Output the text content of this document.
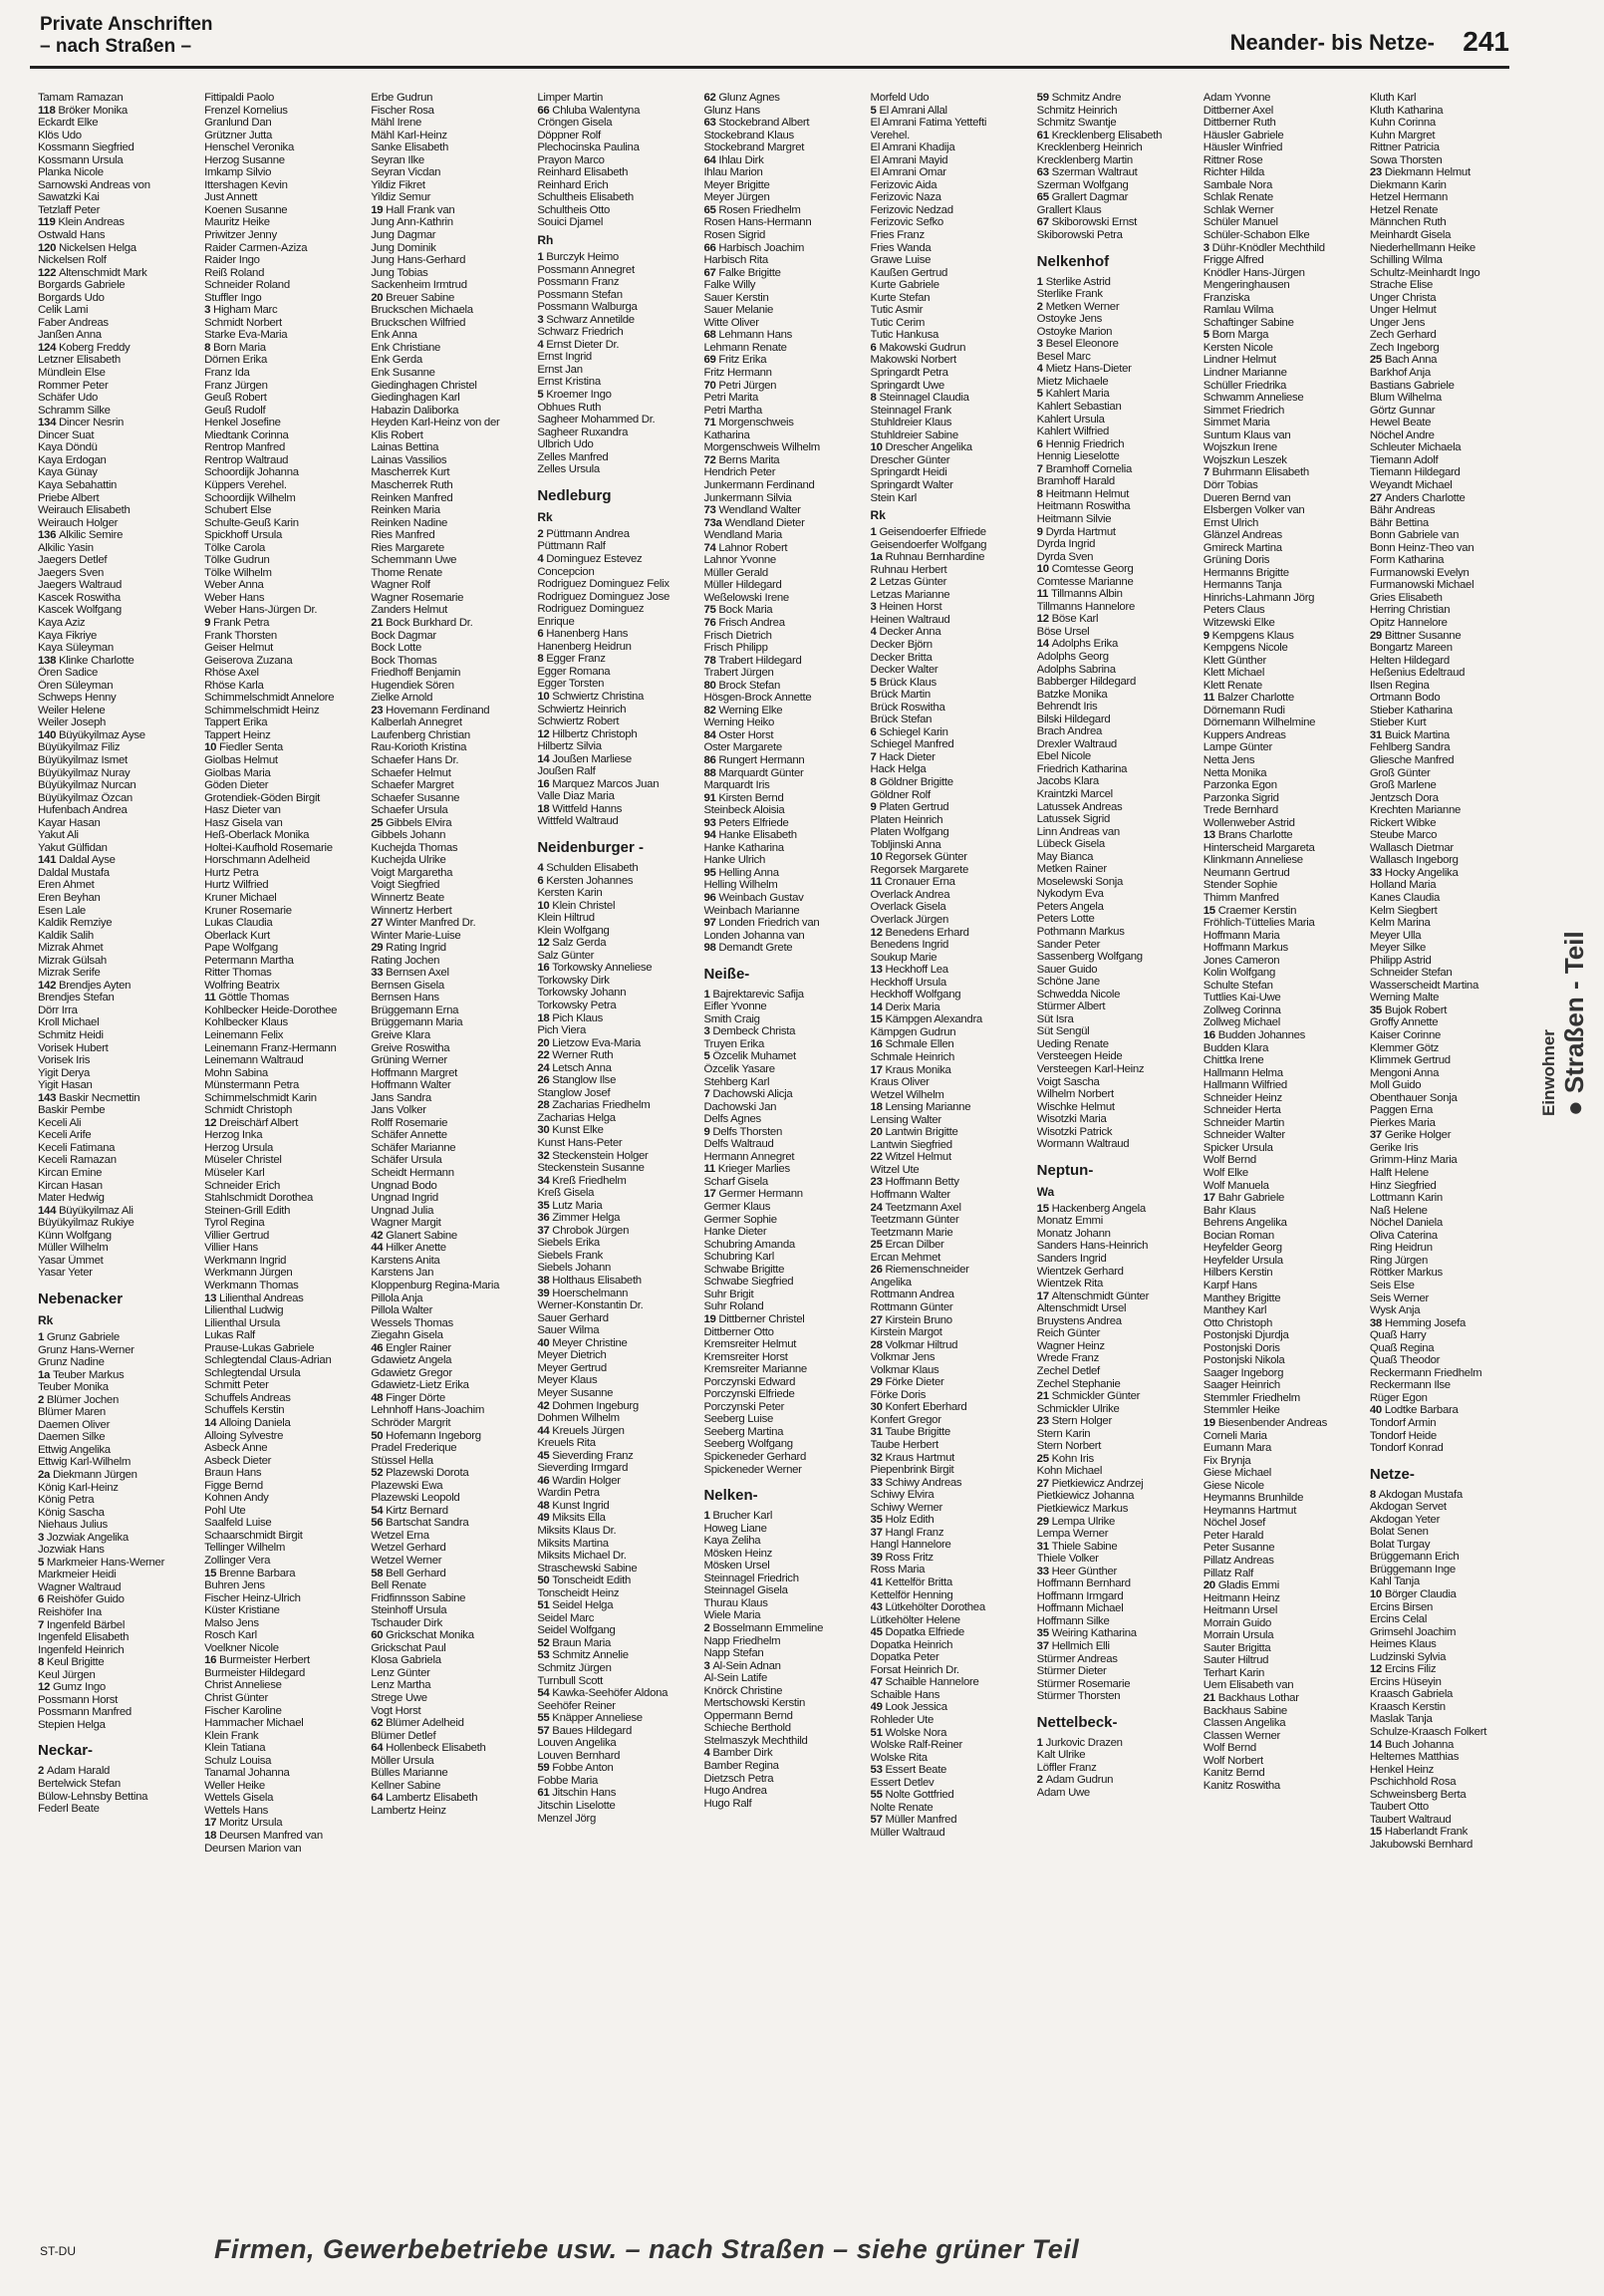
Private Anschriften
– nach Straßen –	Neander- bis Netze- 241
Tamam Ramazan
118 Bröker Monika
Eckardt Elke
Klös Udo
Kossmann Siegfried
Kossmann Ursula
Planka Nicole
Sarnowski Andreas von
Sawatzki Kai
Tetzlaff Peter
119 Klein Andreas
Ostwald Hans
120 Nickelsen Helga
Nickelsen Rolf
122 Altenschmidt Mark
Borgards Gabriele
Borgards Udo
Celik Lami
Faber Andreas
Janßen Anna
124 Koberg Freddy
Letzner Elisabeth
Mündlein Else
Rommer Peter
Schäfer Udo
Schramm Silke
134 Dincer Nesrin
Dincer Suat
Kaya Döndü
Kaya Erdogan
Kaya Günay
Kaya Sebahattin
Priebe Albert
Weirauch Elisabeth
Weirauch Holger
136 Alkilic Semire
Alkilic Yasin
Jaegers Detlef
Jaegers Sven
Jaegers Waltraud
Kascek Roswitha
Kascek Wolfgang
Kaya Aziz
Kaya Fikriye
Kaya Süleyman
138 Klinke Charlotte
Ören Sadice
Ören Süleyman
Schweps Henny
Weiler Helene
Weiler Joseph
140 Büyükyilmaz Ayse
Büyükyilmaz Filiz
Büyükyilmaz Ismet
Büyükyilmaz Nuray
Büyükyilmaz Nurcan
Büyükyilmaz Özcan
Hufenbach Andrea
Kayar Hasan
Yakut Ali
Yakut Gülfidan
141 Daldal Ayse
Daldal Mustafa
Eren Ahmet
Eren Beyhan
Esen Lale
Kaldik Remziye
Kaldik Salih
Mizrak Ahmet
Mizrak Gülsah
Mizrak Serife
142 Brendjes Ayten
Brendjes Stefan
Dörr Irra
Kroll Michael
Schmitz Heidi
Vorisek Hubert
Vorisek Iris
Yigit Derya
Yigit Hasan
143 Baskir Necmettin
Baskir Pembe
Keceli Ali
Keceli Arife
Keceli Fatimana
Keceli Ramazan
Kircan Emine
Kircan Hasan
Mater Hedwig
144 Büyükyilmaz Ali
Büyükyilmaz Rukiye
Künn Wolfgang
Müller Wilhelm
Yasar Ümmet
Yasar Yeter
Nebenacker
Rk
1 Grunz Gabriele
Grunz Hans-Werner
Grunz Nadine
1a Teuber Markus
Teuber Monika
2 Blümer Jochen
Blümer Maren
Daemen Oliver
Daemen Silke
Ettwig Angelika
Ettwig Karl-Wilhelm
2a Diekmann Jürgen
König Karl-Heinz
König Petra
König Sascha
Niehaus Julius
3 Jozwiak Angelika
Jozwiak Hans
5 Markmeier Hans-Werner
Markmeier Heidi
Wagner Waltraud
6 Reishöfer Guido
Reishöfer Ina
7 Ingenfeld Bärbel
Ingenfeld Elisabeth
Ingenfeld Heinrich
8 Keul Brigitte
Keul Jürgen
12 Gumz Ingo
Possmann Horst
Possmann Manfred
Stepien Helga
Neckar-
2 Adam Harald
Bertelwick Stefan
Bülow-Lehnsby Bettina
Federl Beate
Fittipaldi Paolo
Frenzel Kornelius
Granlund Dan
Grützner Jutta
Henschel Veronika
Herzog Susanne
Imkamp Silvio
Ittershagen Kevin
Just Annett
Koenen Susanne
Mauritz Heike
Priwitzer Jenny
Raider Carmen-Aziza
Raider Ingo
Reiß Roland
Schneider Roland
Stuffler Ingo
3 Higham Marc
Schmidt Norbert
Starke Eva-Maria
8 Born Maria
Dörnen Erika
Franz Ida
Franz Jürgen
Geuß Robert
Geuß Rudolf
Henkel Josefine
Miedtank Corinna
Rentrop Manfred
Rentrop Waltraud
Schoordijk Johanna
Küppers Verehel.
Schoordijk Wilhelm
Schubert Else
Schulte-Geuß Karin
Spickhoff Ursula
Tölke Carola
Tölke Gudrun
Tölke Wilhelm
Weber Anna
Weber Hans
Weber Hans-Jürgen Dr.
9 Frank Petra
Frank Thorsten
Geiser Helmut
Geiserova Zuzana
Rhöse Axel
Rhöse Karla
Schimmelschmidt Annelore
Schimmelschmidt Heinz
Tappert Erika
Tappert Heinz
10 Fiedler Senta
Giolbas Helmut
Giolbas Maria
Göden Dieter
Grotendiek-Göden Birgit
Hasz Dieter van
Hasz Gisela van
Heß-Oberlack Monika
Holtei-Kaufhold Rosemarie
Horschmann Adelheid
Hurtz Petra
Hurtz Wilfried
Kruner Michael
Kruner Rosemarie
Lukas Claudia
Oberlack Kurt
Pape Wolfgang
Petermann Martha
Ritter Thomas
Wolfring Beatrix
11 Göttle Thomas
Kohlbecker Heide-Dorothee
Kohlbecker Klaus
Leinemann Felix
Leinemann Franz-Hermann
Leinemann Waltraud
Mohn Sabina
Münstermann Petra
Schimmelschmidt Karin
Schmidt Christoph
12 Dreischärf Albert
Herzog Inka
Herzog Ursula
Müseler Christel
Müseler Karl
Schneider Erich
Stahlschmidt Dorothea
Steinen-Grill Edith
Tyrol Regina
Villier Gertrud
Villier Hans
Werkmann Ingrid
Werkmann Jürgen
Werkmann Thomas
13 Lilienthal Andreas
Lilienthal Ludwig
Lilienthal Ursula
Lukas Ralf
Prause-Lukas Gabriele
Schlegtendal Claus-Adrian
Schlegtendal Ursula
Schmitt Peter
Schuffels Andreas
Schuffels Kerstin
14 Alloing Daniela
Alloing Sylvestre
Asbeck Anne
Asbeck Dieter
Braun Hans
Figge Bernd
Kohnen Andy
Pohl Ute
Saalfeld Luise
Schaarschmidt Birgit
Tellinger Wilhelm
Zollinger Vera
15 Brenne Barbara
Buhren Jens
Fischer Heinz-Ulrich
Küster Kristiane
Malso Jens
Rosch Karl
Voelkner Nicole
16 Burmeister Herbert
Burmeister Hildegard
Christ Anneliese
Christ Günter
Fischer Karoline
Hammacher Michael
Klein Frank
Klein Tatiana
Schulz Louisa
Tanamal Johanna
Weller Heike
Wettels Gisela
Wettels Hans
17 Moritz Ursula
18 Deursen Manfred van
Deursen Marion van
Erbe Gudrun
Fischer Rosa
Mähl Irene
Mähl Karl-Heinz
Sanke Elisabeth
Seyran Ilke
Seyran Vicdan
Yildiz Fikret
Yildiz Semur
19 Hall Frank van
Jung Ann-Kathrin
Jung Dagmar
Jung Dominik
Jung Hans-Gerhard
Jung Tobias
Sackenheim Irmtrud
20 Breuer Sabine
Bruckschen Michaela
Bruckschen Wilfried
Enk Anna
Enk Christiane
Enk Gerda
Enk Susanne
Giedinghagen Christel
Giedinghagen Karl
Habazin Daliborka
Heyden Karl-Heinz von der
Klis Robert
Lainas Bettina
Lainas Vassilios
Mascherrek Kurt
Mascherrek Ruth
Reinken Manfred
Reinken Maria
Reinken Nadine
Ries Manfred
Ries Margarete
Schemmann Uwe
Thome Renate
Wagner Rolf
Wagner Rosemarie
Zanders Helmut
21 Bock Burkhard Dr.
Bock Dagmar
Bock Lotte
Bock Thomas
Friedhoff Benjamin
Hugendiek Sören
Zielke Arnold
23 Hovemann Ferdinand
Kalberlah Annegret
Laufenberg Christian
Rau-Korioth Kristina
Schaefer Hans Dr.
Schaefer Helmut
Schaefer Margret
Schaefer Susanne
Schaefer Ursula
25 Gibbels Elvira
Gibbels Johann
Kuchejda Thomas
Kuchejda Ulrike
Voigt Margaretha
Voigt Siegfried
Winnertz Beate
Winnertz Herbert
27 Winter Manfred Dr.
Winter Marie-Luise
29 Rating Ingrid
Rating Jochen
33 Bernsen Axel
Bernsen Gisela
Bernsen Hans
Brüggemann Erna
Brüggemann Maria
Greive Klara
Greive Roswitha
Grüning Werner
Hoffmann Margret
Hoffmann Walter
Jans Sandra
Jans Volker
Rolff Rosemarie
Schäfer Annette
Schäfer Marianne
Schäfer Ursula
Scheidt Hermann
Ungnad Bodo
Ungnad Ingrid
Ungnad Julia
Wagner Margit
42 Glanert Sabine
44 Hilker Anette
Karstens Anita
Karstens Jan
Kloppenburg Regina-Maria
Pillola Anja
Pillola Walter
Wessels Thomas
Ziegahn Gisela
46 Engler Rainer
Gdawietz Angela
Gdawietz Gregor
Gdawietz-Lietz Erika
48 Finger Dörte
Lehnhoff Hans-Joachim
Schröder Margrit
50 Hofemann Ingeborg
Pradel Frederique
Stüssel Hella
52 Plazewski Dorota
Plazewski Ewa
Plazewski Leopold
54 Kirtz Bernard
56 Bartschat Sandra
Wetzel Erna
Wetzel Gerhard
Wetzel Werner
58 Bell Gerhard
Bell Renate
Fridfinnsson Sabine
Steinhoff Ursula
Tschauder Dirk
60 Grickschat Monika
Grickschat Paul
Klosa Gabriela
Lenz Günter
Lenz Martha
Strege Uwe
Vogt Horst
62 Blümer Adelheid
Blümer Detlef
64 Hollenbeck Elisabeth
Möller Ursula
Bülles Marianne
Kellner Sabine
64 Lambertz Elisabeth
Lambertz Heinz
Limper Martin
66 Chluba Walentyna
Cröngen Gisela
Döppner Rolf
Plechocinska Paulina
Prayon Marco
Reinhard Elisabeth
Reinhard Erich
Schultheis Elisabeth
Schultheis Otto
Souici Djamel
Rh
1 Burczyk Heimo
Possmann Annegret
Possmann Franz
Possmann Stefan
Possmann Walburga
3 Schwarz Annetilde
Schwarz Friedrich
4 Ernst Dieter Dr.
Ernst Ingrid
Ernst Jan
Ernst Kristina
5 Kroemer Ingo
Obhues Ruth
Sagheer Mohammed Dr.
Sagheer Ruxandra
Ulbrich Udo
Zelles Manfred
Zelles Ursula
Nedleburg
Rk
2 Püttmann Andrea
Püttmann Ralf
4 Dominguez Estevez
Concepcion
Rodriguez Dominguez Felix
Rodriguez Dominguez Jose
Rodriguez Dominguez
Enrique
6 Hanenberg Hans
Hanenberg Heidrun
8 Egger Franz
Egger Romana
Egger Torsten
10 Schwiertz Christina
Schwiertz Heinrich
Schwiertz Robert
12 Hilbertz Christoph
Hilbertz Silvia
14 Joußen Marliese
Joußen Ralf
16 Marquez Marcos Juan
Valle Diaz Maria
18 Wittfeld Hanns
Wittfeld Waltraud
Neidenburger -
4 Schulden Elisabeth
6 Kersten Johannes
Kersten Karin
10 Klein Christel
Klein Hiltrud
Klein Wolfgang
12 Salz Gerda
Salz Günter
16 Torkowsky Anneliese
Torkowsky Dirk
Torkowsky Johann
Torkowsky Petra
18 Pich Klaus
Pich Viera
20 Lietzow Eva-Maria
22 Werner Ruth
24 Letsch Anna
26 Stanglow Ilse
Stanglow Josef
28 Zacharias Friedhelm
Zacharias Helga
30 Kunst Elke
Kunst Hans-Peter
32 Steckenstein Holger
Steckenstein Susanne
34 Kreß Friedhelm
Kreß Gisela
35 Lutz Maria
36 Zimmer Helga
37 Chrobok Jürgen
Siebels Erika
Siebels Frank
Siebels Johann
38 Holthaus Elisabeth
39 Hoerschelmann
Werner-Konstantin Dr.
Sauer Gerhard
Sauer Wilma
40 Meyer Christine
Meyer Dietrich
Meyer Gertrud
Meyer Klaus
Meyer Susanne
42 Dohmen Ingeburg
Dohmen Wilhelm
44 Kreuels Jürgen
Kreuels Rita
45 Sieverding Franz
Sieverding Irmgard
46 Wardin Holger
Wardin Petra
48 Kunst Ingrid
49 Miksits Ella
Miksits Klaus Dr.
Miksits Martina
Miksits Michael Dr.
Straschewski Sabine
50 Tonscheidt Edith
Tonscheidt Heinz
51 Seidel Helga
Seidel Marc
Seidel Wolfgang
52 Braun Maria
53 Schmitz Annelie
Schmitz Jürgen
Turnbull Scott
54 Kawka-Seehöfer Aldona
Seehöfer Reiner
55 Knäpper Anneliese
57 Baues Hildegard
Louven Angelika
Louven Bernhard
59 Fobbe Anton
Fobbe Maria
61 Jitschin Hans
Jitschin Liselotte
Menzel Jörg
62 Glunz Agnes
Glunz Hans
63 Stockebrand Albert
Stockebrand Klaus
Stockebrand Margret
64 Ihlau Dirk
Ihlau Marion
Meyer Brigitte
Meyer Jürgen
65 Rosen Friedhelm
Rosen Hans-Hermann
Rosen Sigrid
66 Harbisch Joachim
Harbisch Rita
67 Falke Brigitte
Falke Willy
Sauer Kerstin
Sauer Melanie
Witte Oliver
68 Lehmann Hans
Lehmann Renate
69 Fritz Erika
Fritz Hermann
70 Petri Jürgen
Petri Marita
Petri Martha
71 Morgenschweis
Katharina
Morgenschweis Wilhelm
72 Berns Marita
Hendrich Peter
Junkermann Ferdinand
Junkermann Silvia
73 Wendland Walter
73a Wendland Dieter
Wendland Maria
74 Lahnor Robert
Lahnor Yvonne
Müller Gerald
Müller Hildegard
Weßelowski Irene
75 Bock Maria
76 Frisch Andrea
Frisch Dietrich
Frisch Philipp
78 Trabert Hildegard
Trabert Jürgen
80 Brock Stefan
Hösgen-Brock Annette
82 Werning Elke
Werning Heiko
84 Oster Horst
Oster Margarete
86 Rungert Hermann
88 Marquardt Günter
Marquardt Iris
91 Kirsten Bernd
Steinbeck Aloisia
93 Peters Elfriede
94 Hanke Elisabeth
Hanke Katharina
Hanke Ulrich
95 Helling Anna
Helling Wilhelm
96 Weinbach Gustav
Weinbach Marianne
97 Londen Friedrich van
Londen Johanna van
98 Demandt Grete
Neiße-
1 Bajrektarevic Safija
Eifler Yvonne
Smith Craig
3 Dembeck Christa
Truyen Erika
5 Özcelik Muhamet
Özcelik Yasare
Stehberg Karl
7 Dachowski Alicja
Dachowski Jan
Delfs Agnes
9 Delfs Thorsten
Delfs Waltraud
Hermann Annegret
11 Krieger Marlies
Scharf Gisela
17 Germer Hermann
Germer Klaus
Germer Sophie
Hanke Dieter
Schubring Amanda
Schubring Karl
Schwabe Brigitte
Schwabe Siegfried
Suhr Brigit
Suhr Roland
19 Dittberner Christel
Dittberner Otto
Kremsreiter Helmut
Kremsreiter Horst
Kremsreiter Marianne
Porczynski Edward
Porczynski Elfriede
Porczynski Peter
Seeberg Luise
Seeberg Martina
Seeberg Wolfgang
Spickeneder Gerhard
Spickeneder Werner
Nelken-
1 Brucher Karl
Howeg Liane
Kaya Zeliha
Mösken Heinz
Mösken Ursel
Steinnagel Friedrich
Steinnagel Gisela
Thurau Klaus
Wiele Maria
2 Bosselmann Emmeline
Napp Friedhelm
Napp Stefan
3 Al-Sein Adnan
Al-Sein Latife
Knörck Christine
Mertschowski Kerstin
Oppermann Bernd
Schieche Berthold
Stelmaszyk Mechthild
4 Bamber Dirk
Bamber Regina
Dietzsch Petra
Hugo Andrea
Hugo Ralf
Morfeld Udo
5 El Amrani Allal
El Amrani Fatima Yettefti
Verehel.
El Amrani Khadija
El Amrani Mayid
El Amrani Omar
Ferizovic Aida
Ferizovic Naza
Ferizovic Nedzad
Ferizovic Sefko
Fries Franz
Fries Wanda
Grawe Luise
Kaußen Gertrud
Kurte Gabriele
Kurte Stefan
Tutic Asmir
Tutic Cerim
Tutic Hankusa
6 Makowski Gudrun
Makowski Norbert
Springardt Petra
Springardt Uwe
8 Steinnagel Claudia
Steinnagel Frank
Stuhldreier Klaus
Stuhldreier Sabine
10 Drescher Angelika
Drescher Günter
Springardt Heidi
Springardt Walter
Stein Karl
Rk
1 Geisendoerfer Elfriede
Geisendoerfer Wolfgang
1a Ruhnau Bernhardine
Ruhnau Herbert
2 Letzas Günter
Letzas Marianne
3 Heinen Horst
Heinen Waltraud
4 Decker Anna
Decker Björn
Decker Britta
Decker Walter
5 Brück Klaus
Brück Martin
Brück Roswitha
Brück Stefan
6 Schiegel Karin
Schiegel Manfred
7 Hack Dieter
Hack Helga
8 Göldner Brigitte
Göldner Rolf
9 Platen Gertrud
Platen Heinrich
Platen Wolfgang
Tobljinski Anna
10 Regorsek Günter
Regorsek Margarete
11 Cronauer Erna
Overlack Andrea
Overlack Gisela
Overlack Jürgen
12 Benedens Erhard
Benedens Ingrid
Soukup Marie
13 Heckhoff Lea
Heckhoff Ursula
Heckhoff Wolfgang
14 Derix Maria
15 Kämpgen Alexandra
Kämpgen Gudrun
16 Schmale Ellen
Schmale Heinrich
17 Kraus Monika
Kraus Oliver
Wetzel Wilhelm
18 Lensing Marianne
Lensing Walter
20 Lantwin Brigitte
Lantwin Siegfried
22 Witzel Helmut
Witzel Ute
23 Hoffmann Betty
Hoffmann Walter
24 Teetzmann Axel
Teetzmann Günter
Teetzmann Marie
25 Ercan Dilber
Ercan Mehmet
26 Riemenschneider
Angelika
Rottmann Andrea
Rottmann Günter
27 Kirstein Bruno
Kirstein Margot
28 Volkmar Hiltrud
Volkmar Jens
Volkmar Klaus
29 Förke Dieter
Förke Doris
30 Konfert Eberhard
Konfert Gregor
31 Taube Brigitte
Taube Herbert
32 Kraus Hartmut
Piepenbrink Birgit
33 Schiwy Andreas
Schiwy Elvira
Schiwy Werner
35 Holz Edith
37 Hangl Franz
Hangl Hannelore
39 Ross Fritz
Ross Maria
41 Kettelför Britta
Kettelför Henning
43 Lütkehölter Dorothea
Lütkehölter Helene
45 Dopatka Elfriede
Dopatka Heinrich
Dopatka Peter
Forsat Heinrich Dr.
47 Schaible Hannelore
Schaible Hans
49 Look Jessica
Rohleder Ute
51 Wolske Nora
Wolske Ralf-Reiner
Wolske Rita
53 Essert Beate
Essert Detlev
55 Nolte Gottfried
Nolte Renate
57 Müller Manfred
Müller Waltraud
59 Schmitz Andre
Schmitz Heinrich
Schmitz Swantje
61 Krecklenberg Elisabeth
Krecklenberg Heinrich
Krecklenberg Martin
63 Szerman Waltraut
Szerman Wolfgang
65 Grallert Dagmar
Grallert Klaus
67 Skiborowski Ernst
Skiborowski Petra
Nelkenhof
1 Sterlike Astrid
Sterlike Frank
2 Metken Werner
Ostoyke Jens
Ostoyke Marion
3 Besel Eleonore
Besel Marc
4 Mietz Hans-Dieter
Mietz Michaele
5 Kahlert Maria
Kahlert Sebastian
Kahlert Ursula
Kahlert Wilfried
6 Hennig Friedrich
Hennig Lieselotte
7 Bramhoff Cornelia
Bramhoff Harald
8 Heitmann Helmut
Heitmann Roswitha
Heitmann Silvie
9 Dyrda Hartmut
Dyrda Ingrid
Dyrda Sven
10 Comtesse Georg
Comtesse Marianne
11 Tillmanns Albin
Tillmanns Hannelore
12 Böse Karl
Böse Ursel
14 Adolphs Erika
Adolphs Georg
Adolphs Sabrina
Babberger Hildegard
Batzke Monika
Behrendt Iris
Bilski Hildegard
Brach Andrea
Drexler Waltraud
Ebel Nicole
Friedrich Katharina
Jacobs Klara
Kraintzki Marcel
Latussek Andreas
Latussek Sigrid
Linn Andreas van
Lübeck Gisela
May Bianca
Metken Rainer
Moselewski Sonja
Nykodym Eva
Peters Angela
Peters Lotte
Pothmann Markus
Sander Peter
Sassenberg Wolfgang
Sauer Guido
Schöne Jane
Schwedda Nicole
Stürmer Albert
Süt Isra
Süt Sengül
Ueding Renate
Versteegen Heide
Versteegen Karl-Heinz
Voigt Sascha
Wilhelm Norbert
Wischke Helmut
Wisotzki Maria
Wisotzki Patrick
Wormann Waltraud
Neptun-
Wa
15 Hackenberg Angela
Monatz Emmi
Monatz Johann
Sanders Hans-Heinrich
Sanders Ingrid
Wientzek Gerhard
Wientzek Rita
17 Altenschmidt Günter
Altenschmidt Ursel
Bruystens Andrea
Reich Günter
Wagner Heinz
Wrede Franz
Zechel Detlef
Zechel Stephanie
21 Schmickler Günter
Schmickler Ulrike
23 Stern Holger
Stern Karin
Stern Norbert
25 Kohn Iris
Kohn Michael
27 Pietkiewicz Andrzej
Pietkiewicz Johanna
Pietkiewicz Markus
29 Lempa Ulrike
Lempa Werner
31 Thiele Sabine
Thiele Volker
33 Heer Günther
Hoffmann Bernhard
Hoffmann Irmgard
Hoffmann Michael
Hoffmann Silke
35 Weiring Katharina
37 Hellmich Elli
Stürmer Andreas
Stürmer Dieter
Stürmer Rosemarie
Stürmer Thorsten
Nettelbeck-
1 Jurkovic Drazen
Kalt Ulrike
Löffler Franz
2 Adam Gudrun
Adam Uwe
Adam Yvonne
Dittberner Axel
Dittberner Ruth
Häusler Gabriele
Häusler Winfried
Rittner Rose
Richter Hilda
Sambale Nora
Schlak Renate
Schlak Werner
Schüler Manuel
Schüler-Schabon Elke
3 Dühr-Knödler Mechthild
Frigge Alfred
Knödler Hans-Jürgen
Mengeringhausen
Franziska
Ramlau Wilma
Schaftinger Sabine
5 Born Marga
Kersten Nicole
Lindner Helmut
Lindner Marianne
Schüller Friedrika
Schwamm Anneliese
Simmet Friedrich
Simmet Maria
Suntum Klaus van
Wojszkun Irene
Wojszkun Leszek
7 Buhrmann Elisabeth
Dörr Tobias
Dueren Bernd van
Elsbergen Volker van
Ernst Ulrich
Glänzel Andreas
Gmireck Martina
Grüning Doris
Hermanns Brigitte
Hermanns Tanja
Hinrichs-Lahmann Jörg
Peters Claus
Witzewski Elke
9 Kempgens Klaus
Kempgens Nicole
Klett Günther
Klett Michael
Klett Renate
11 Balzer Charlotte
Dörnemann Rudi
Dörnemann Wilhelmine
Kuppers Andreas
Lampe Günter
Netta Jens
Netta Monika
Parzonka Egon
Parzonka Sigrid
Trede Bernhard
Wollenweber Astrid
13 Brans Charlotte
Hinterscheid Margareta
Klinkmann Anneliese
Neumann Gertrud
Stender Sophie
Thimm Manfred
15 Craemer Kerstin
Fröhlich-Tüttelies Maria
Hoffmann Maria
Hoffmann Markus
Jones Cameron
Kolin Wolfgang
Schulte Stefan
Tuttlies Kai-Uwe
Zollweg Corinna
Zollweg Michael
16 Budden Johannes
Budden Klara
Chittka Irene
Hallmann Helma
Hallmann Wilfried
Schneider Heinz
Schneider Herta
Schneider Martin
Schneider Walter
Spicker Ursula
Wolf Bernd
Wolf Elke
Wolf Manuela
17 Bahr Gabriele
Bahr Klaus
Behrens Angelika
Bocian Roman
Heyfelder Georg
Heyfelder Ursula
Hilbers Kerstin
Karpf Hans
Manthey Brigitte
Manthey Karl
Otto Christoph
Postonjski Djurdja
Postonjski Doris
Postonjski Nikola
Saager Ingeborg
Saager Heinrich
Stemmler Friedhelm
Stemmler Heike
19 Biesenbender Andreas
Corneli Maria
Eumann Mara
Fix Brynja
Giese Michael
Giese Nicole
Heymanns Brunhilde
Heymanns Hartmut
Nöchel Josef
Peter Harald
Peter Susanne
Pillatz Andreas
Pillatz Ralf
20 Gladis Emmi
Heitmann Heinz
Heitmann Ursel
Morrain Guido
Morrain Ursula
Sauter Brigitta
Sauter Hiltrud
Terhart Karin
Uem Elisabeth van
21 Backhaus Lothar
Backhaus Sabine
Classen Angelika
Classen Werner
Wolf Bernd
Wolf Norbert
Kanitz Bernd
Kanitz Roswitha
Kluth Karl
Kluth Katharina
Kuhn Corinna
Kuhn Margret
Rittner Patricia
Sowa Thorsten
23 Diekmann Helmut
Diekmann Karin
Hetzel Hermann
Hetzel Renate
Männchen Ruth
Meinhardt Gisela
Niederhellmann Heike
Schilling Wilma
Schultz-Meinhardt Ingo
Strache Elise
Unger Christa
Unger Helmut
Unger Jens
Zech Gerhard
Zech Ingeborg
25 Bach Anna
Barkhof Anja
Bastians Gabriele
Blum Wilhelma
Görtz Gunnar
Hewel Beate
Nöchel Andre
Schleuter Michaela
Tiemann Adolf
Tiemann Hildegard
Weyandt Michael
27 Anders Charlotte
Bähr Andreas
Bähr Bettina
Bonn Gabriele van
Bonn Heinz-Theo van
Form Katharina
Furmanowski Evelyn
Furmanowski Michael
Gries Elisabeth
Herring Christian
Opitz Hannelore
29 Bittner Susanne
Bongartz Mareen
Helten Hildegard
Heßenius Edeltraud
Ilsen Regina
Ortmann Bodo
Stieber Katharina
Stieber Kurt
31 Buick Martina
Fehlberg Sandra
Gliesche Manfred
Groß Günter
Groß Marlene
Jentzsch Dora
Krechten Marianne
Rickert Wibke
Steube Marco
Wallasch Dietmar
Wallasch Ingeborg
33 Hocky Angelika
Holland Maria
Kanes Claudia
Kelm Siegbert
Kelm Marina
Meyer Ulla
Meyer Silke
Philipp Astrid
Schneider Stefan
Wasserscheidt Martina
Werning Malte
35 Bujok Robert
Groffy Annette
Kaiser Corinne
Klemmer Götz
Klimmek Gertrud
Mengoni Anna
Moll Guido
Obenthauer Sonja
Paggen Erna
Pierkes Maria
37 Gerike Holger
Gerike Iris
Grimm-Hinz Maria
Halft Helene
Hinz Siegfried
Lottmann Karin
Naß Helene
Nöchel Daniela
Oliva Caterina
Ring Heidrun
Ring Jürgen
Röttker Markus
Seis Else
Seis Werner
Wysk Anja
38 Hemming Josefa
Quaß Harry
Quaß Regina
Quaß Theodor
Reckermann Friedhelm
Reckermann Ilse
Rüger Egon
40 Lodtke Barbara
Tondorf Armin
Tondorf Heide
Tondorf Konrad
Netze-
8 Akdogan Mustafa
Akdogan Servet
Akdogan Yeter
Bolat Senen
Bolat Turgay
Brüggemann Erich
Brüggemann Inge
Kahl Tanja
10 Börger Claudia
Ercins Birsen
Ercins Celal
Grimsehl Joachim
Heimes Klaus
Ludzinski Sylvia
12 Ercins Filiz
Ercins Hüseyin
Kraasch Gabriela
Kraasch Kerstin
Maslak Tanja
Schulze-Kraasch Folkert
14 Buch Johanna
Heltemes Matthias
Henkel Heinz
Pschichhold Rosa
Schweinsberg Berta
Taubert Otto
Taubert Waltraud
15 Haberlandt Frank
Jakubowski Bernhard
Einwohner ● Straßen - Teil
ST-DU	Firmen, Gewerbebetriebe usw. – nach Straßen – siehe grüner Teil
